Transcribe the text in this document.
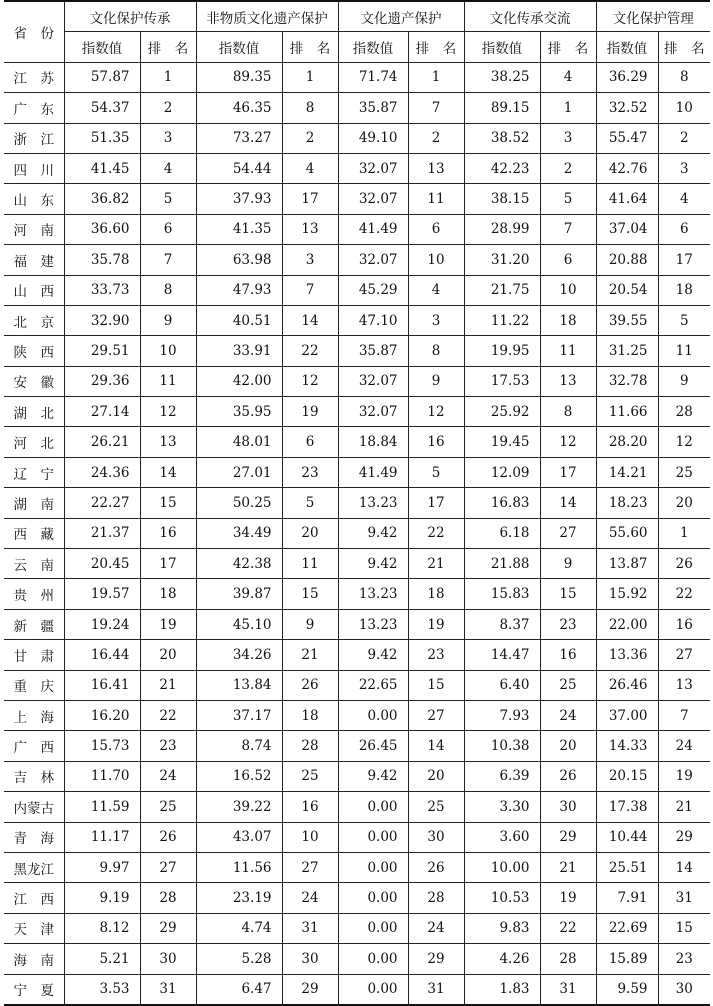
省　份	文化保护传承		非物质文化遗产保护		文化遗产保护		文化传承交流		文化保护管理	
	指数值	排　名	指数值	排　名	指数值	排　名	指数值	排　名	指数值	排　名
江　苏	57.87	1	89.35	1	71.74	1	38.25	4	36.29	8
广　东	54.37	2	46.35	8	35.87	7	89.15	1	32.52	10
浙　江	51.35	3	73.27	2	49.10	2	38.52	3	55.47	2
四　川	41.45	4	54.44	4	32.07	13	42.23	2	42.76	3
山　东	36.82	5	37.93	17	32.07	11	38.15	5	41.64	4
河　南	36.60	6	41.35	13	41.49	6	28.99	7	37.04	6
福　建	35.78	7	63.98	3	32.07	10	31.20	6	20.88	17
山　西	33.73	8	47.93	7	45.29	4	21.75	10	20.54	18
北　京	32.90	9	40.51	14	47.10	3	11.22	18	39.55	5
陕　西	29.51	10	33.91	22	35.87	8	19.95	11	31.25	11
安　徽	29.36	11	42.00	12	32.07	9	17.53	13	32.78	9
湖　北	27.14	12	35.95	19	32.07	12	25.92	8	11.66	28
河　北	26.21	13	48.01	6	18.84	16	19.45	12	28.20	12
辽　宁	24.36	14	27.01	23	41.49	5	12.09	17	14.21	25
湖　南	22.27	15	50.25	5	13.23	17	16.83	14	18.23	20
西　藏	21.37	16	34.49	20	9.42	22	6.18	27	55.60	1
云　南	20.45	17	42.38	11	9.42	21	21.88	9	13.87	26
贵　州	19.57	18	39.87	15	13.23	18	15.83	15	15.92	22
新　疆	19.24	19	45.10	9	13.23	19	8.37	23	22.00	16
甘　肃	16.44	20	34.26	21	9.42	23	14.47	16	13.36	27
重　庆	16.41	21	13.84	26	22.65	15	6.40	25	26.46	13
上　海	16.20	22	37.17	18	0.00	27	7.93	24	37.00	7
广　西	15.73	23	8.74	28	26.45	14	10.38	20	14.33	24
吉　林	11.70	24	16.52	25	9.42	20	6.39	26	20.15	19
内蒙古	11.59	25	39.22	16	0.00	25	3.30	30	17.38	21
青　海	11.17	26	43.07	10	0.00	30	3.60	29	10.44	29
黑龙江	9.97	27	11.56	27	0.00	26	10.00	21	25.51	14
江　西	9.19	28	23.19	24	0.00	28	10.53	19	7.91	31
天　津	8.12	29	4.74	31	0.00	24	9.83	22	22.69	15
海　南	5.21	30	5.28	30	0.00	29	4.26	28	15.89	23
宁　夏	3.53	31	6.47	29	0.00	31	1.83	31	9.59	30
